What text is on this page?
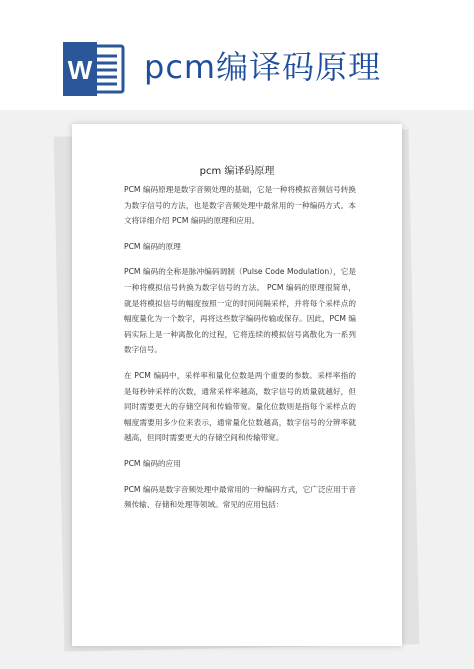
W pcm编译码原理
pcm 编译码原理

PCM 编码原理是数字音频处理的基础，它是一种将模拟音频信号转换为数字信号的方法，也是数字音频处理中最常用的一种编码方式。本文将详细介绍 PCM 编码的原理和应用。

PCM 编码的原理

PCM 编码的全称是脉冲编码调制（Pulse Code Modulation），它是一种将模拟信号转换为数字信号的方法。 PCM 编码的原理很简单，就是将模拟信号的幅度按照一定的时间间隔采样，并将每个采样点的幅度量化为一个数字，再将这些数字编码传输或保存。因此，PCM 编码实际上是一种离散化的过程，它将连续的模拟信号离散化为一系列数字信号。

在 PCM 编码中，采样率和量化位数是两个重要的参数。采样率指的是每秒钟采样的次数，通常采样率越高，数字信号的质量就越好，但同时需要更大的存储空间和传输带宽。量化位数则是指每个采样点的幅度需要用多少位来表示，通常量化位数越高，数字信号的分辨率就越高，但同时需要更大的存储空间和传输带宽。

PCM 编码的应用

PCM 编码是数字音频处理中最常用的一种编码方式，它广泛应用于音频传输、存储和处理等领域。常见的应用包括：
